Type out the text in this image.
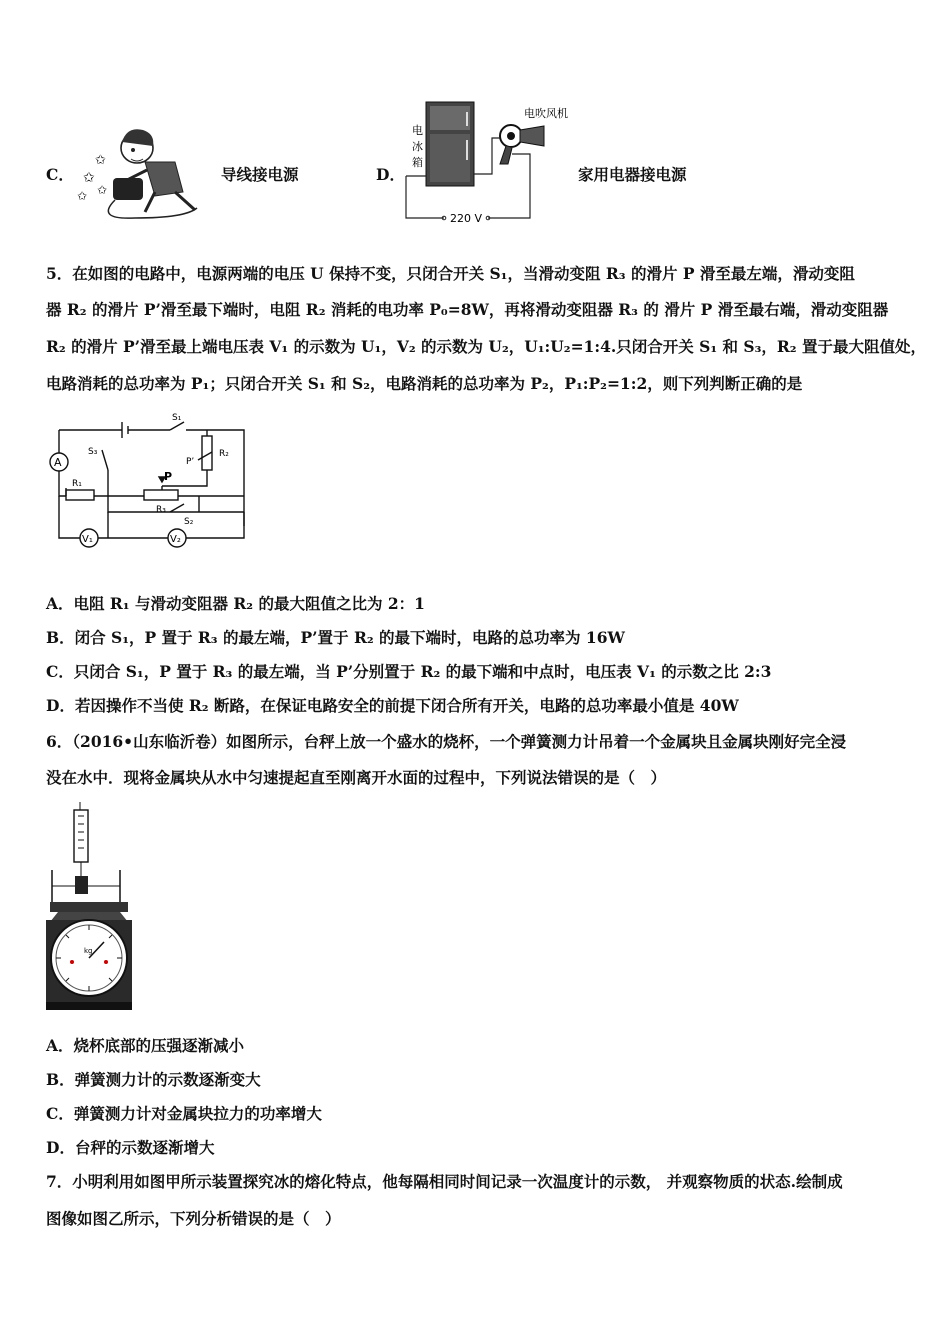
C． ✩
✩
✩ ✩
导线接电源	D．
电
冰
箱
电吹风机
220 V
家用电器接电源
5．在如图的电路中，电源两端的电压 U 保持不变，只闭合开关 S₁，当滑动变阻 R₃ 的滑片 P 滑至最左端，滑动变阻
器 R₂ 的滑片 P’滑至最下端时，电阻 R₂ 消耗的电功率 P₀=8W，再将滑动变阻器 R₃ 的 滑片 P 滑至最右端，滑动变阻器
R₂ 的滑片 P’滑至最上端电压表 V₁ 的示数为 U₁，V₂ 的示数为 U₂，U₁:U₂=1:4.只闭合开关 S₁ 和 S₃，R₂ 置于最大阻值处，
电路消耗的总功率为 P₁；只闭合开关 S₁ 和 S₂，电路消耗的总功率为 P₂，P₁:P₂=1:2，则下列判断正确的是
A
V₁	V₂
S₁
S₃	R₂
R₁
R₃
S₂
P
P’
A．电阻 R₁ 与滑动变阻器 R₂ 的最大阻值之比为 2：1
B．闭合 S₁，P 置于 R₃ 的最左端，P’置于 R₂ 的最下端时，电路的总功率为 16W
C．只闭合 S₁，P 置于 R₃ 的最左端，当 P’分别置于 R₂ 的最下端和中点时，电压表 V₁ 的示数之比 2:3
D．若因操作不当使 R₂ 断路，在保证电路安全的前提下闭合所有开关，电路的总功率最小值是 40W
6．（2016•山东临沂卷）如图所示，台秤上放一个盛水的烧杯，一个弹簧测力计吊着一个金属块且金属块刚好完全浸
没在水中．现将金属块从水中匀速提起直至刚离开水面的过程中，下列说法错误的是（　）
kg
A．烧杯底部的压强逐渐减小
B．弹簧测力计的示数逐渐变大
C．弹簧测力计对金属块拉力的功率增大
D．台秤的示数逐渐增大
7．小明利用如图甲所示装置探究冰的熔化特点，他每隔相同时间记录一次温度计的示数， 并观察物质的状态.绘制成
图像如图乙所示，下列分析错误的是（　）
